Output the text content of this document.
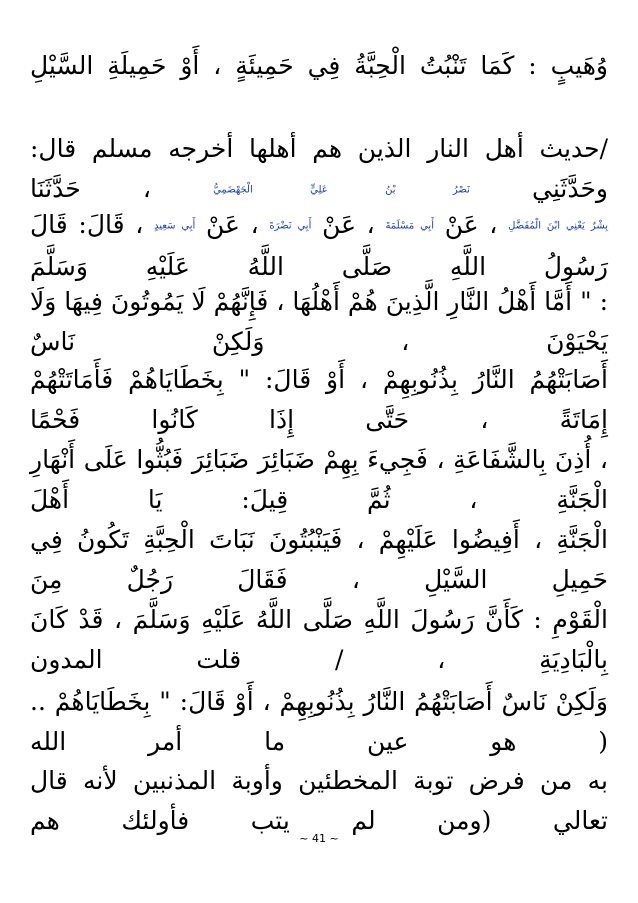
وُهَيبٍ : كَمَا تَنْبُتُ الْحِبَّةُ فِي حَمِيئَةٍ ، أَوْ حَمِيلَةِ السَّيْلِ
/حديث أهل النار الذين هم أهلها أخرجه مسلم قال: وحَدَّثَنِي نَصْرُ بْنُ عَلِيٍّ الْجَهْضَمِيُّ ، حَدَّثَنَا
بِشْرٌ يَعْنِي ابْنَ الْمُفَضَّلِ ، عَنْ أَبِي مَسْلَمَةَ ، عَنْ أَبِي نَضْرَةَ ، عَنْ أَبِي سَعِيدٍ ، قَالَ: قَالَ رَسُولُ اللَّهِ صَلَّى اللَّهُ عَلَيْهِ وَسَلَّمَ
: " أَمَّا أَهْلُ النَّارِ الَّذِينَ هُمْ أَهْلُهَا ، فَإِنَّهُمْ لَا يَمُوتُونَ فِيهَا وَلَا يَحْيَوْنَ ، وَلَكِنْ نَاسٌ
أَصَابَتْهُمُ النَّارُ بِذُنُوبِهِمْ ، أَوْ قَالَ: " بِخَطَايَاهُمْ فَأَمَاتَتْهُمْ إِمَاتَةً ، حَتَّى إِذَا كَانُوا فَحْمًا
، أُذِنَ بِالشَّفَاعَةِ ، فَجِيءَ بِهِمْ ضَبَائِرَ ضَبَائِرَ فَبُثُّوا عَلَى أَنْهَارِ الْجَنَّةِ ، ثُمَّ قِيلَ: يَا أَهْلَ
الْجَنَّةِ ، أَفِيضُوا عَلَيْهِمْ ، فَيَنْبُتُونَ نَبَاتَ الْحِبَّةِ تَكُونُ فِي حَمِيلِ السَّيْلِ ، فَقَالَ رَجُلٌ مِنَ
الْقَوْمِ : كَأَنَّ رَسُولَ اللَّهِ صَلَّى اللَّهُ عَلَيْهِ وَسَلَّمَ ، قَدْ كَانَ بِالْبَادِيَةِ ، / قلت المدون
وَلَكِنْ نَاسٌ أَصَابَتْهُمُ النَّارُ بِذُنُوبِهِمْ ، أَوْ قَالَ: " بِخَطَايَاهُمْ ..( هو عين ما أمر الله
به من فرض توبة المخطئين وأوبة المذنبين لأنه قال تعالي (ومن لم يتب فأولئك هم
~ 41 ~
